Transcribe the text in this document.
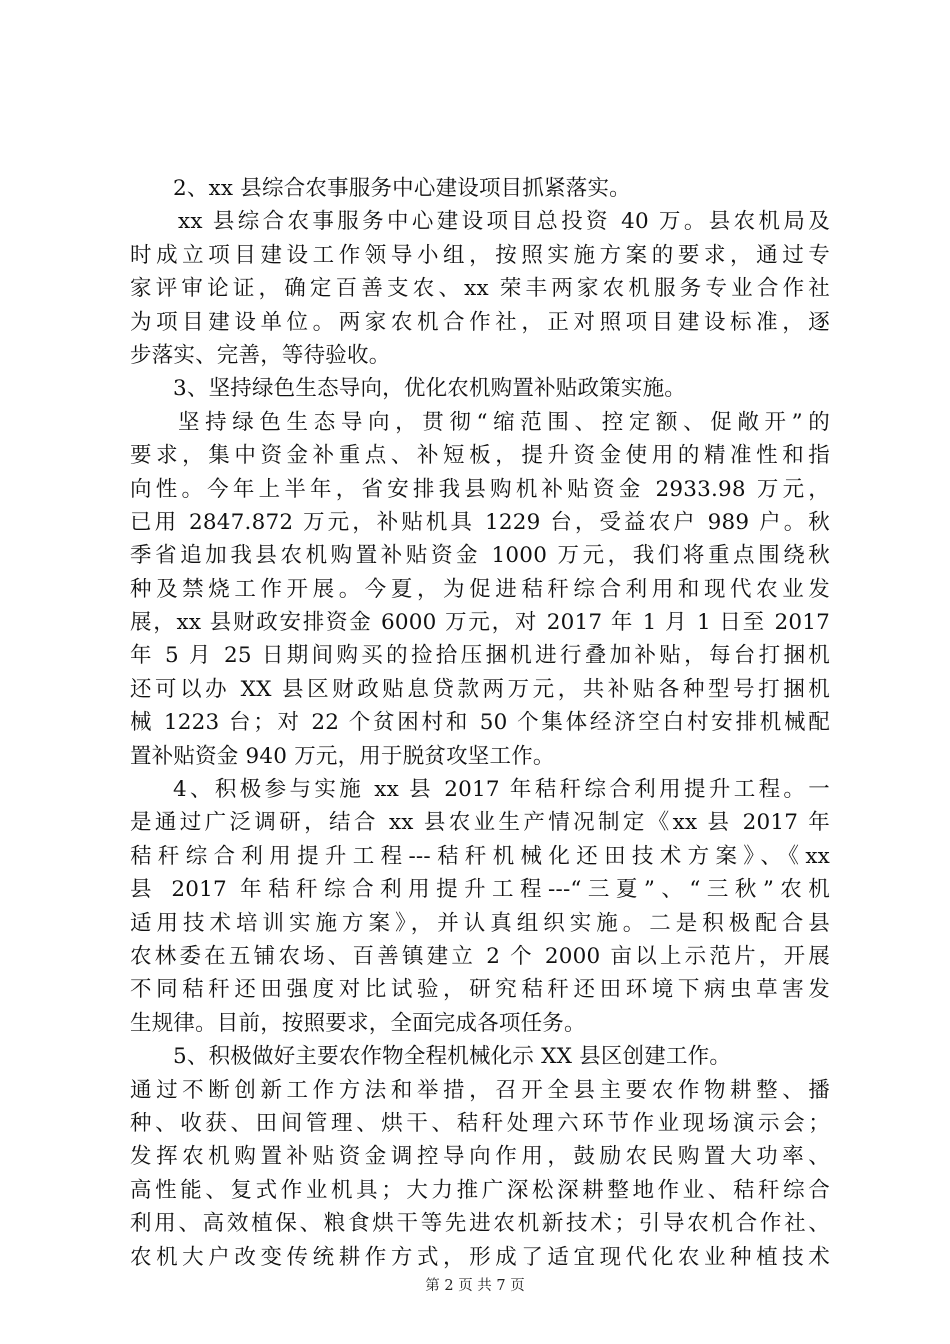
2、xx 县综合农事服务中心建设项目抓紧落实。
xx 县综合农事服务中心建设项目总投资 40 万。县农机局及
时成立项目建设工作领导小组，按照实施方案的要求，通过专
家评审论证，确定百善支农、xx 荣丰两家农机服务专业合作社
为项目建设单位。两家农机合作社，正对照项目建设标准，逐
步落实、完善，等待验收。
3、坚持绿色生态导向，优化农机购置补贴政策实施。
坚持绿色生态导向，贯彻“缩范围、控定额、促敞开”的
要求，集中资金补重点、补短板，提升资金使用的精准性和指
向性。今年上半年，省安排我县购机补贴资金 2933.98 万元，
已用 2847.872 万元，补贴机具 1229 台，受益农户 989 户。秋
季省追加我县农机购置补贴资金 1000 万元，我们将重点围绕秋
种及禁烧工作开展。今夏，为促进秸秆综合利用和现代农业发
展，xx 县财政安排资金 6000 万元，对 2017 年 1 月 1 日至 2017
年 5 月 25 日期间购买的捡拾压捆机进行叠加补贴，每台打捆机
还可以办 XX 县区财政贴息贷款两万元，共补贴各种型号打捆机
械 1223 台；对 22 个贫困村和 50 个集体经济空白村安排机械配
置补贴资金 940 万元，用于脱贫攻坚工作。
4、积极参与实施 xx 县 2017 年秸秆综合利用提升工程。一
是通过广泛调研，结合 xx 县农业生产情况制定《xx 县 2017 年
秸秆综合利用提升工程---秸秆机械化还田技术方案》、《xx
县 2017 年秸秆综合利用提升工程---“三夏”、“三秋”农机
适用技术培训实施方案》，并认真组织实施。二是积极配合县
农林委在五铺农场、百善镇建立 2 个 2000 亩以上示范片，开展
不同秸秆还田强度对比试验，研究秸秆还田环境下病虫草害发
生规律。目前，按照要求，全面完成各项任务。
5、积极做好主要农作物全程机械化示 XX 县区创建工作。
通过不断创新工作方法和举措，召开全县主要农作物耕整、播
种、收获、田间管理、烘干、秸秆处理六环节作业现场演示会；
发挥农机购置补贴资金调控导向作用，鼓励农民购置大功率、
高性能、复式作业机具；大力推广深松深耕整地作业、秸秆综合
利用、高效植保、粮食烘干等先进农机新技术；引导农机合作社、
农机大户改变传统耕作方式，形成了适宜现代化农业种植技术
第 2 页 共 7 页
